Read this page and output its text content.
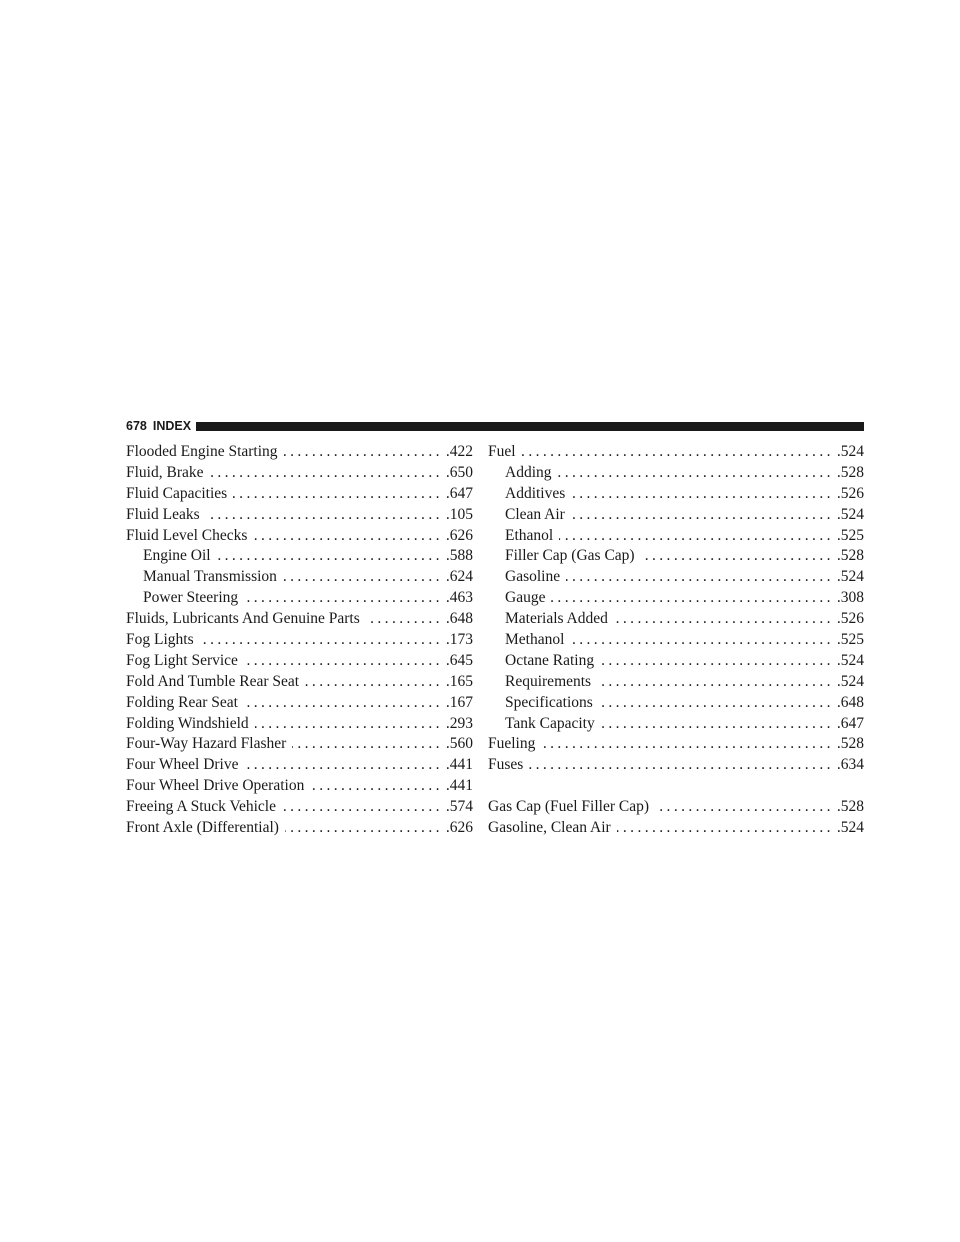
678 INDEX
Flooded Engine Starting .....	.422
Fluid, Brake .....	.650
Fluid Capacities .....	.647
Fluid Leaks .....	.105
Fluid Level Checks .....	.626
Engine Oil .....	.588
Manual Transmission .....	.624
Power Steering .....	.463
Fluids, Lubricants And Genuine Parts .....	.648
Fog Lights .....	.173
Fog Light Service .....	.645
Fold And Tumble Rear Seat .....	.165
Folding Rear Seat .....	.167
Folding Windshield .....	.293
Four-Way Hazard Flasher .....	.560
Four Wheel Drive .....	.441
Four Wheel Drive Operation .....	.441
Freeing A Stuck Vehicle .....	.574
Front Axle (Differential) .....	.626
Fuel .....	.524
Adding .....	.528
Additives .....	.526
Clean Air .....	.524
Ethanol .....	.525
Filler Cap (Gas Cap) .....	.528
Gasoline .....	.524
Gauge .....	.308
Materials Added .....	.526
Methanol .....	.525
Octane Rating .....	.524
Requirements .....	.524
Specifications .....	.648
Tank Capacity .....	.647
Fueling .....	.528
Fuses .....	.634
Gas Cap (Fuel Filler Cap) .....	.528
Gasoline, Clean Air .....	.524
